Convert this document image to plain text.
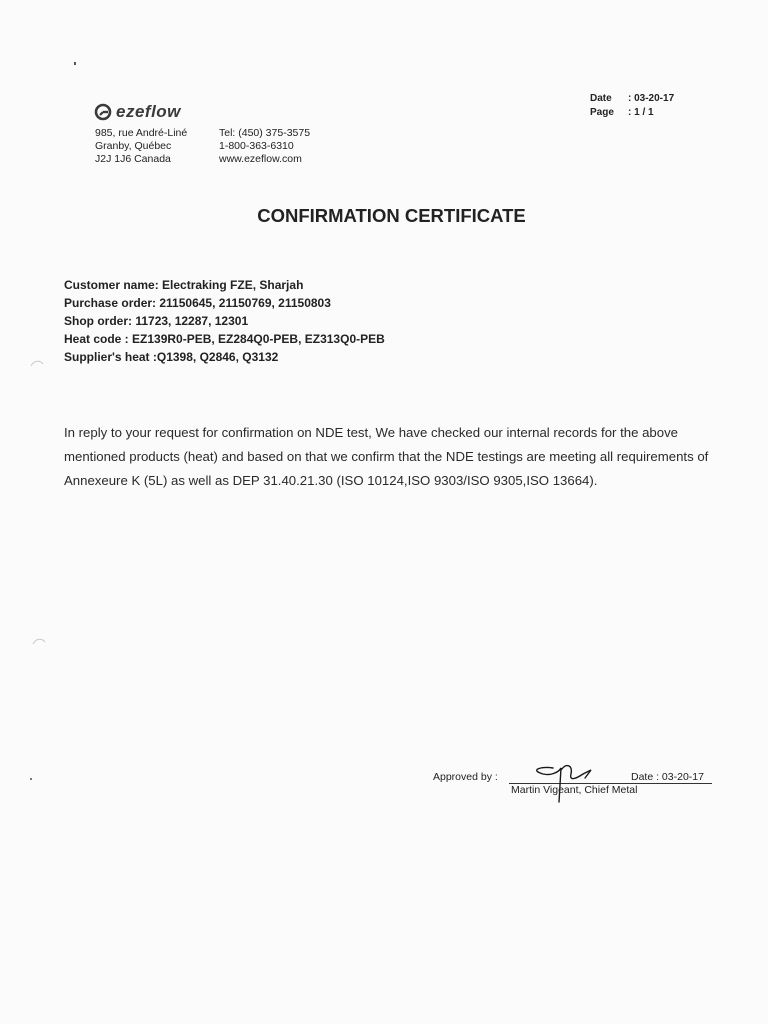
Date	: 03-20-17
Page	: 1 / 1
ezeflow
985, rue André-Liné
Granby, Québec
J2J 1J6 Canada
Tel: (450) 375-3575
1-800-363-6310
www.ezeflow.com
CONFIRMATION CERTIFICATE
Customer name: Electraking FZE, Sharjah
Purchase order: 21150645, 21150769, 21150803
Shop order: 11723, 12287, 12301
Heat code : EZ139R0-PEB, EZ284Q0-PEB, EZ313Q0-PEB
Supplier's heat :Q1398, Q2846, Q3132
In reply to your request for confirmation on NDE test, We have checked our internal records for the above mentioned products (heat) and based on that we confirm that the NDE testings are meeting all requirements of Annexeure K (5L) as well as DEP 31.40.21.30 (ISO 10124,ISO 9303/ISO 9305,ISO 13664).
Approved by :	Date : 03-20-17
Martin Vigeant, Chief Metal
